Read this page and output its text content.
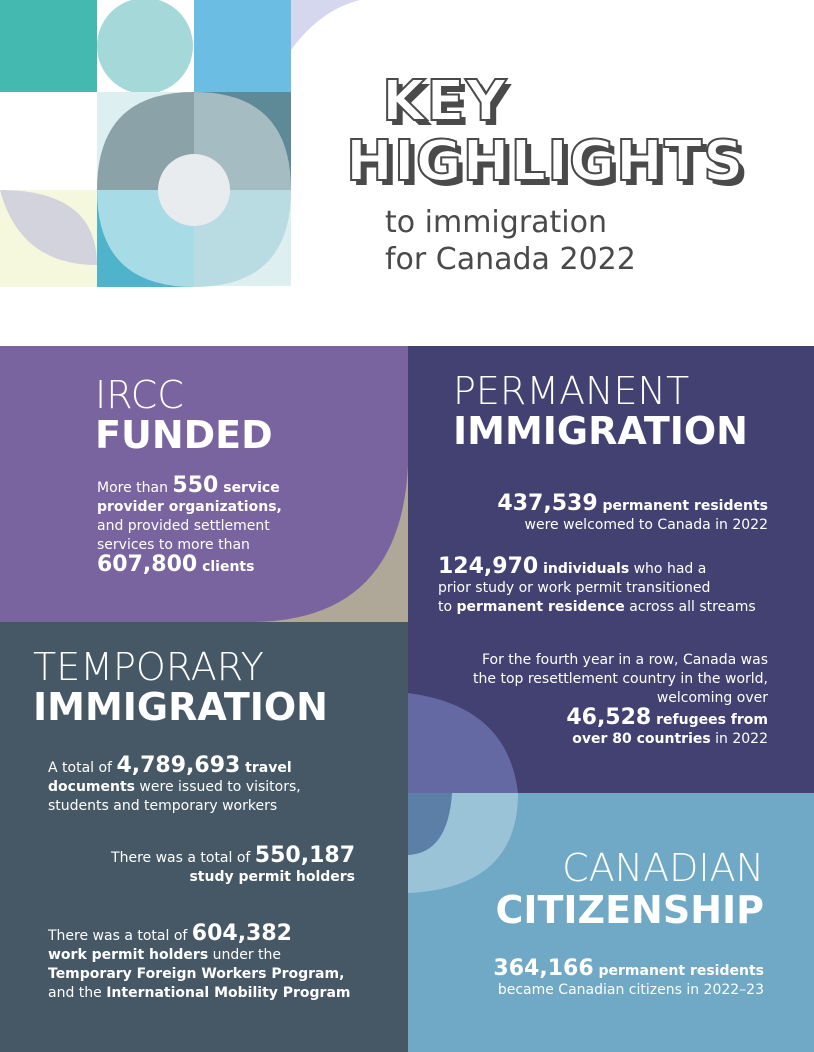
KEY
HIGHLIGHTS
to immigration
for Canada 2022
IRCC
FUNDED
More than 550 service
provider organizations,
and provided settlement
services to more than
607,800 clients
PERMANENT
IMMIGRATION
437,539 permanent residents
were welcomed to Canada in 2022
124,970 individuals who had a
prior study or work permit transitioned
to permanent residence across all streams
For the fourth year in a row, Canada was
the top resettlement country in the world,
welcoming over
46,528 refugees from
over 80 countries in 2022
TEMPORARY
IMMIGRATION
A total of 4,789,693 travel
documents were issued to visitors,
students and temporary workers
There was a total of 550,187
study permit holders
There was a total of 604,382
work permit holders under the
Temporary Foreign Workers Program,
and the International Mobility Program
CANADIAN
CITIZENSHIP
364,166 permanent residents
became Canadian citizens in 2022–23
